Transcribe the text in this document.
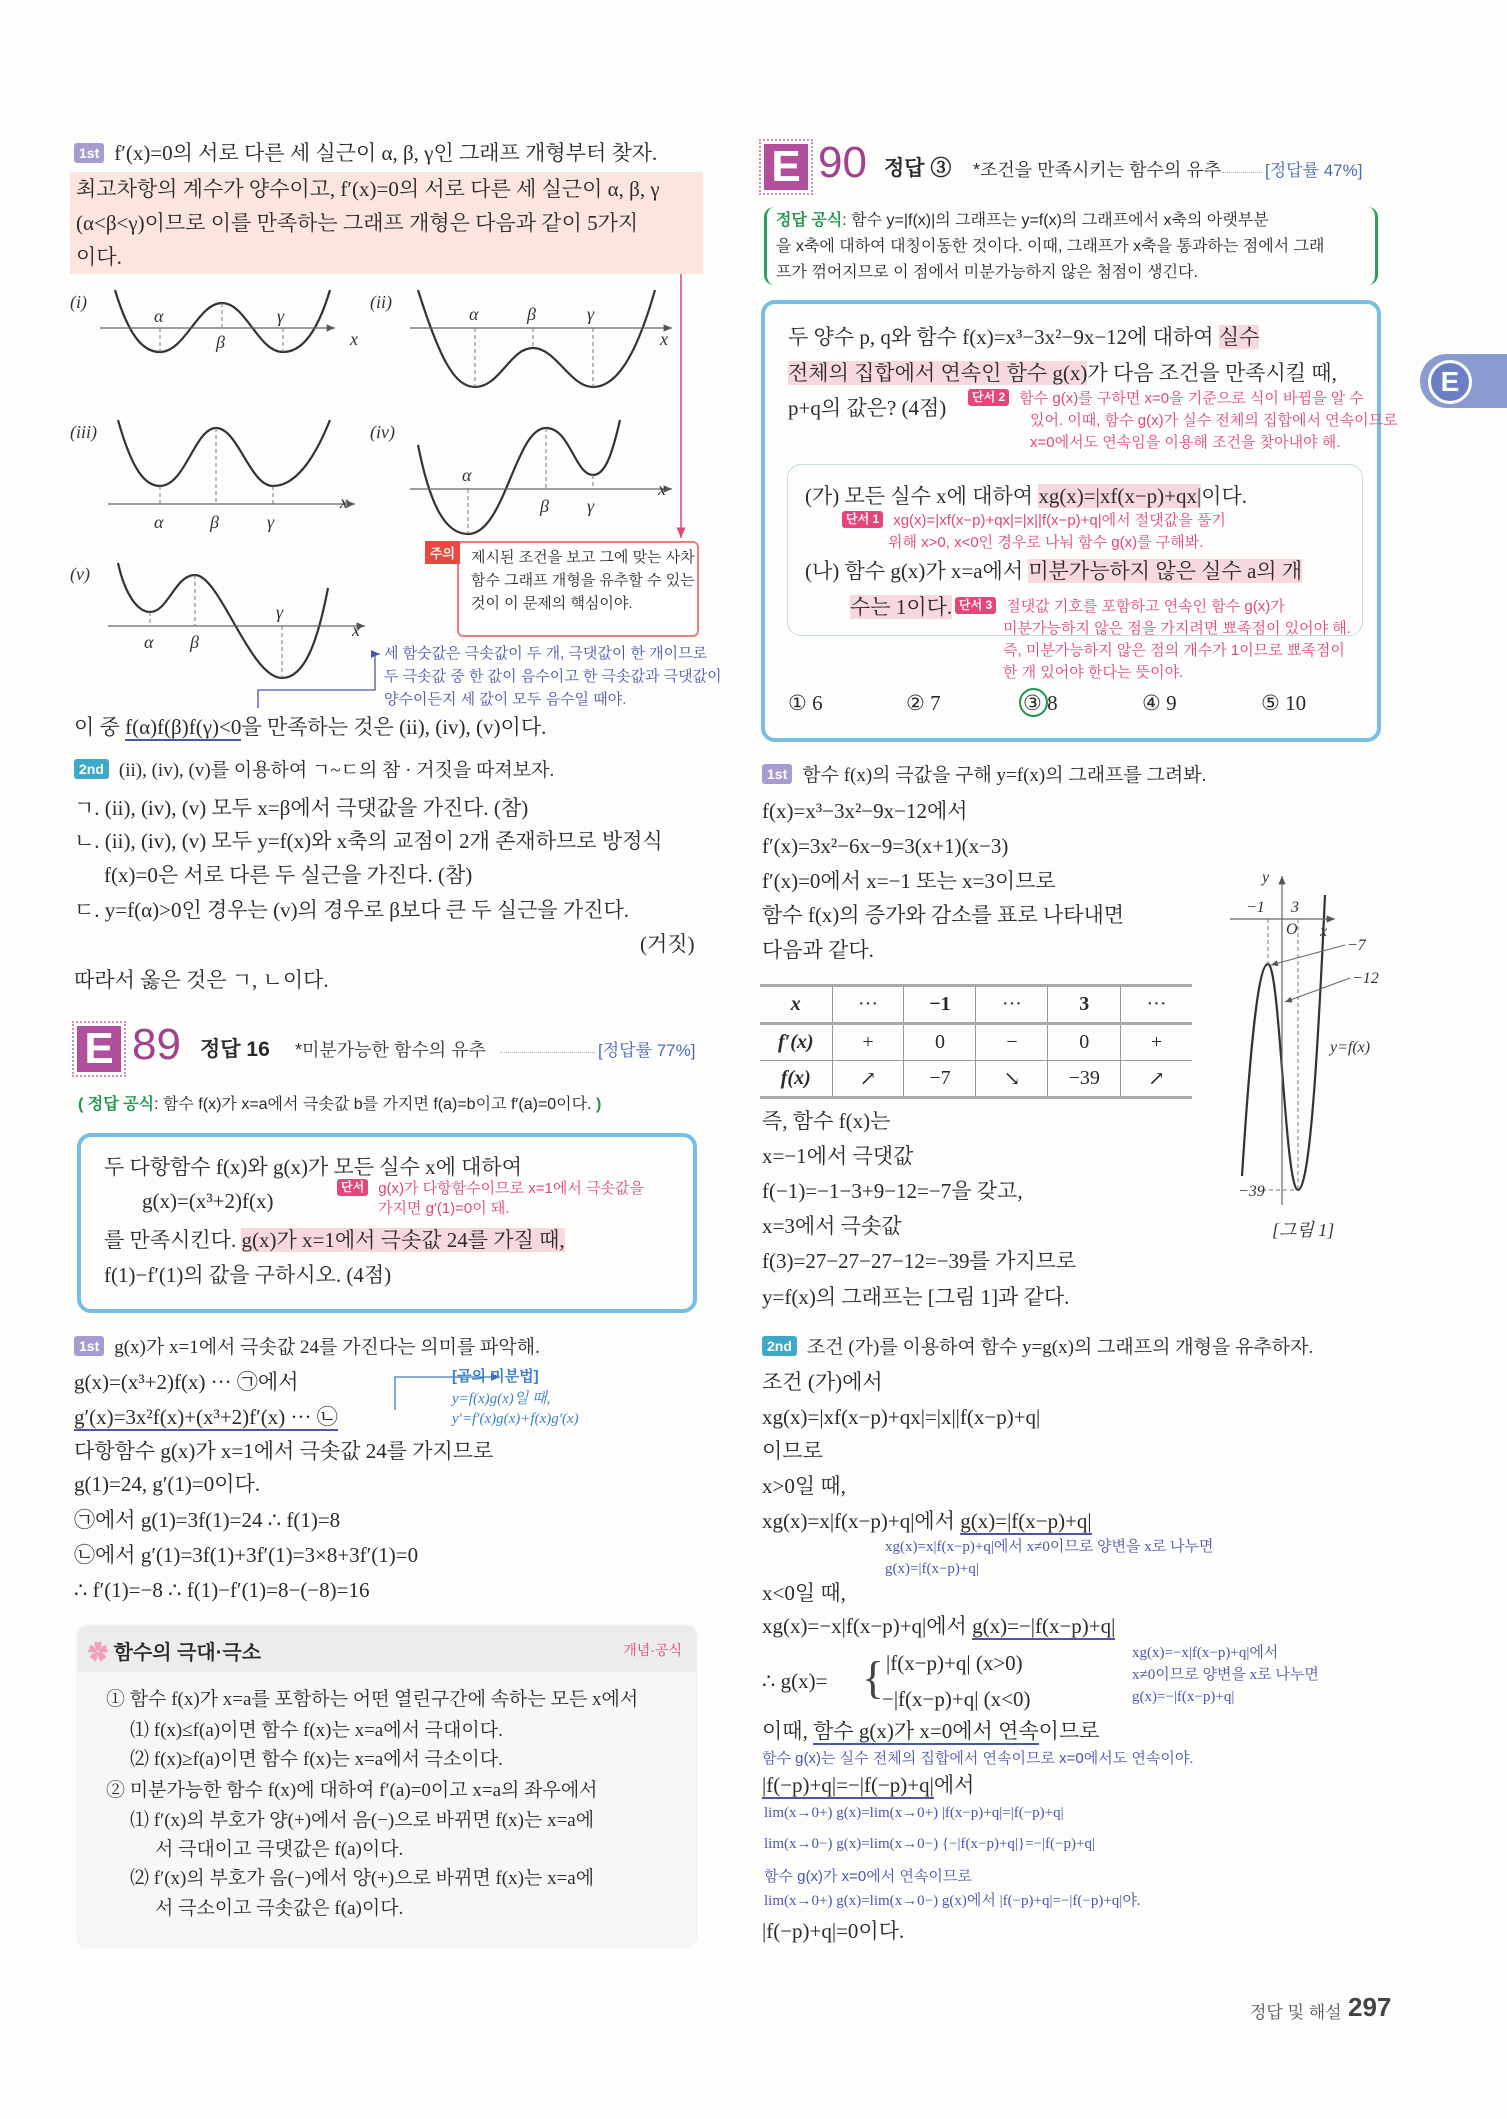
1st f′(x)=0의 서로 다른 세 실근이 α, β, γ인 그래프 개형부터 찾자.
최고차항의 계수가 양수이고, f′(x)=0의 서로 다른 세 실근이 α, β, γ
(α<β<γ)이므로 이를 만족하는 그래프 개형은 다음과 같이 5가지
이다.
(i)	(ii)
(iii)	(iv)
(v)
α
β
γ
x
α	β	γ
x
α	β	γ
x
α
β γ
x
α β
γ
x
y
x
O
−1 3
−7
−12
−39
y=f(x)
[그림 1]
제시된 조건을 보고 그에 맞는 사차
함수 그래프 개형을 유추할 수 있는
것이 이 문제의 핵심이야.
주의
세 함숫값은 극솟값이 두 개, 극댓값이 한 개이므로
두 극솟값 중 한 값이 음수이고 한 극솟값과 극댓값이
양수이든지 세 값이 모두 음수일 때야.
이 중 f(α)f(β)f(γ)<0을 만족하는 것은 (ii), (iv), (v)이다.
2nd (ii), (iv), (v)를 이용하여 ㄱ~ㄷ의 참 · 거짓을 따져보자.
ㄱ. (ii), (iv), (v) 모두 x=β에서 극댓값을 가진다. (참)
ㄴ. (ii), (iv), (v) 모두 y=f(x)와 x축의 교점이 2개 존재하므로 방정식
f(x)=0은 서로 다른 두 실근을 가진다. (참)
ㄷ. y=f(α)>0인 경우는 (v)의 경우로 β보다 큰 두 실근을 가진다.
(거짓)
따라서 옳은 것은 ㄱ, ㄴ이다.
E 89 정답 16 *미분가능한 함수의 유추	[정답률 77%]
( 정답 공식: 함수 f(x)가 x=a에서 극솟값 b를 가지면 f(a)=b이고 f′(a)=0이다. )
두 다항함수 f(x)와 g(x)가 모든 실수 x에 대하여
g(x)=(x³+2)f(x)
단서 g(x)가 다항함수이므로 x=1에서 극솟값을
가지면 g′(1)=0이 돼.
를 만족시킨다. g(x)가 x=1에서 극솟값 24를 가질 때,
f(1)−f′(1)의 값을 구하시오. (4점)
1st g(x)가 x=1에서 극솟값 24를 가진다는 의미를 파악해.
g(x)=(x³+2)f(x) ··· ㉠에서
g′(x)=3x²f(x)+(x³+2)f′(x) ··· ㉡
다항함수 g(x)가 x=1에서 극솟값 24를 가지므로
g(1)=24, g′(1)=0이다.
㉠에서 g(1)=3f(1)=24 ∴ f(1)=8
㉡에서 g′(1)=3f(1)+3f′(1)=3×8+3f′(1)=0
∴ f′(1)=−8 ∴ f(1)−f′(1)=8−(−8)=16
[곱의 미분법]
y=f(x)g(x)일 때,
y′=f′(x)g(x)+f(x)g′(x)
✿ 함수의 극대·극소	개념·공식
① 함수 f(x)가 x=a를 포함하는 어떤 열린구간에 속하는 모든 x에서
⑴ f(x)≤f(a)이면 함수 f(x)는 x=a에서 극대이다.
⑵ f(x)≥f(a)이면 함수 f(x)는 x=a에서 극소이다.
② 미분가능한 함수 f(x)에 대하여 f′(a)=0이고 x=a의 좌우에서
⑴ f′(x)의 부호가 양(+)에서 음(−)으로 바뀌면 f(x)는 x=a에
서 극대이고 극댓값은 f(a)이다.
⑵ f′(x)의 부호가 음(−)에서 양(+)으로 바뀌면 f(x)는 x=a에
서 극소이고 극솟값은 f(a)이다.
E 90 정답 ③ *조건을 만족시키는 함수의 유추	[정답률 47%]
정답 공식: 함수 y=|f(x)|의 그래프는 y=f(x)의 그래프에서 x축의 아랫부분
을 x축에 대하여 대칭이동한 것이다. 이때, 그래프가 x축을 통과하는 점에서 그래
프가 꺾어지므로 이 점에서 미분가능하지 않은 첨점이 생긴다.
두 양수 p, q와 함수 f(x)=x³−3x²−9x−12에 대하여 실수
전체의 집합에서 연속인 함수 g(x)가 다음 조건을 만족시킬 때,
p+q의 값은? (4점)	단서 2 함수 g(x)를 구하면 x=0을 기준으로 식이 바뀜을 알 수
있어. 이때, 함수 g(x)가 실수 전체의 집합에서 연속이므로
x=0에서도 연속임을 이용해 조건을 찾아내야 해.
(가) 모든 실수 x에 대하여 xg(x)=|xf(x−p)+qx|이다.
단서 1 xg(x)=|xf(x−p)+qx|=|x||f(x−p)+q|에서 절댓값을 풀기
위해 x>0, x<0인 경우로 나눠 함수 g(x)를 구해봐.
(나) 함수 g(x)가 x=a에서 미분가능하지 않은 실수 a의 개
수는 1이다. 단서 3 절댓값 기호를 포함하고 연속인 함수 g(x)가
미분가능하지 않은 점을 가지려면 뾰족점이 있어야 해.
즉, 미분가능하지 않은 점의 개수가 1이므로 뾰족점이
한 개 있어야 한다는 뜻이야.
① 6	② 7	③ 8	④ 9	⑤ 10
1st 함수 f(x)의 극값을 구해 y=f(x)의 그래프를 그려봐.
f(x)=x³−3x²−9x−12에서
f′(x)=3x²−6x−9=3(x+1)(x−3)
f′(x)=0에서 x=−1 또는 x=3이므로
함수 f(x)의 증가와 감소를 표로 나타내면
다음과 같다.
x	···	−1	···	3	···
f′(x)	+	0	−	0	+
f(x)	↗	−7	↘	−39	↗
즉, 함수 f(x)는
x=−1에서 극댓값
f(−1)=−1−3+9−12=−7을 갖고,
x=3에서 극솟값
f(3)=27−27−27−12=−39를 가지므로
y=f(x)의 그래프는 [그림 1]과 같다.
2nd 조건 (가)를 이용하여 함수 y=g(x)의 그래프의 개형을 유추하자.
조건 (가)에서
xg(x)=|xf(x−p)+qx|=|x||f(x−p)+q|
이므로
x>0일 때,
xg(x)=x|f(x−p)+q|에서 g(x)=|f(x−p)+q|
xg(x)=x|f(x−p)+q|에서 x≠0이므로 양변을 x로 나누면
g(x)=|f(x−p)+q|
x<0일 때,
xg(x)=−x|f(x−p)+q|에서 g(x)=−|f(x−p)+q|
∴ g(x)= { |f(x−p)+q| (x>0)
−|f(x−p)+q| (x<0)
xg(x)=−x|f(x−p)+q|에서
x≠0이므로 양변을 x로 나누면
g(x)=−|f(x−p)+q|
이때, 함수 g(x)가 x=0에서 연속이므로
함수 g(x)는 실수 전체의 집합에서 연속이므로 x=0에서도 연속이야.
|f(−p)+q|=−|f(−p)+q|에서
lim(x→0+) g(x)=lim(x→0+) |f(x−p)+q|=|f(−p)+q|
lim(x→0−) g(x)=lim(x→0−) {−|f(x−p)+q|}=−|f(−p)+q|
함수 g(x)가 x=0에서 연속이므로
lim(x→0+) g(x)=lim(x→0−) g(x)에서 |f(−p)+q|=−|f(−p)+q|야.
|f(−p)+q|=0이다.
E
정답 및 해설 297
